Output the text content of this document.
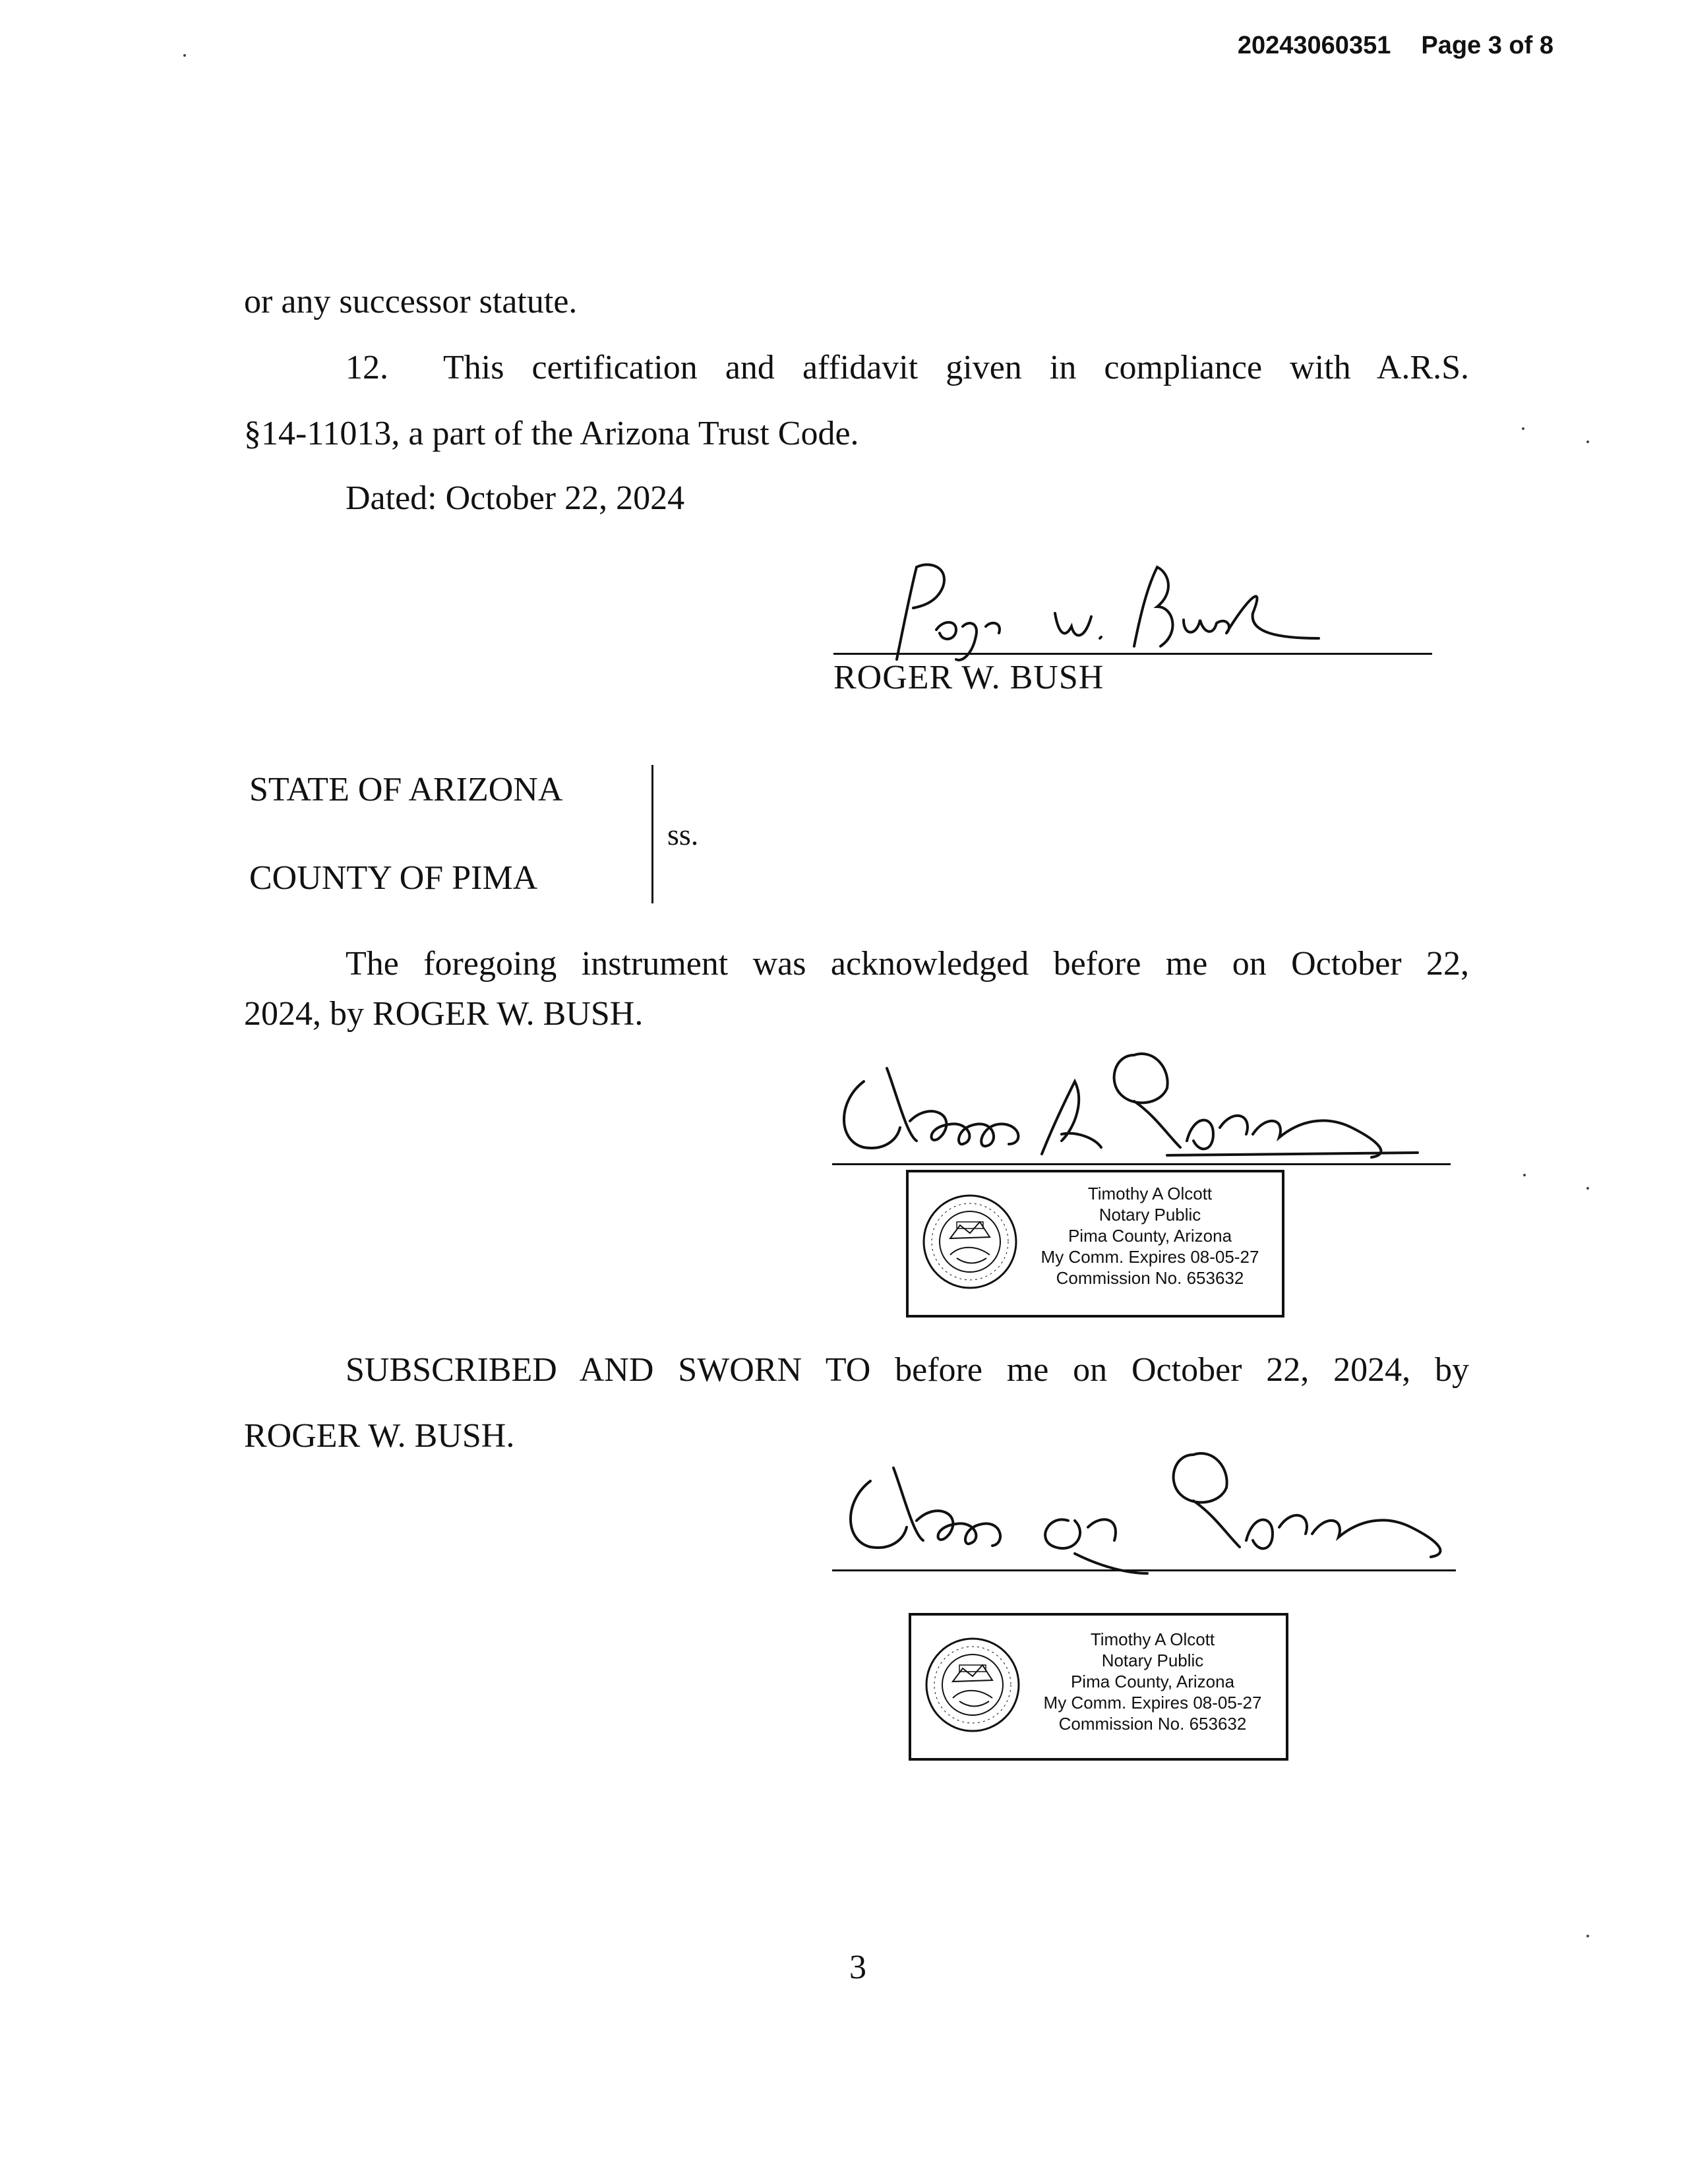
20243060351 Page 3 of 8
or any successor statute.
12. This certification and affidavit given in compliance with A.R.S.
§14-11013, a part of the Arizona Trust Code.
Dated: October 22, 2024
ROGER W. BUSH
STATE OF ARIZONA
COUNTY OF PIMA
ss.
The foregoing instrument was acknowledged before me on October 22,
2024, by ROGER W. BUSH.
Timothy A Olcott
Notary Public
Pima County, Arizona
My Comm. Expires 08-05-27
Commission No. 653632
SUBSCRIBED AND SWORN TO before me on October 22, 2024, by
ROGER W. BUSH.
Timothy A Olcott
Notary Public
Pima County, Arizona
My Comm. Expires 08-05-27
Commission No. 653632
3
